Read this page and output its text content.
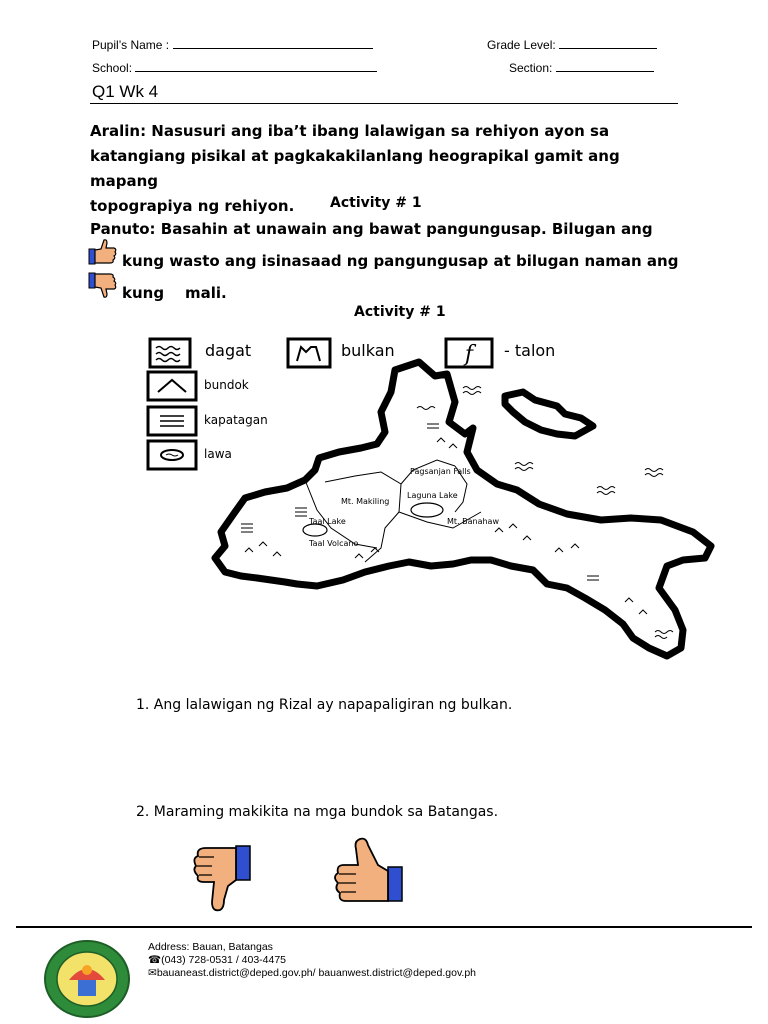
Pupil’s Name :	Grade Level:
School:	Section:
Q1 Wk 4
Aralin: Nasusuri ang iba’t ibang lalawigan sa rehiyon ayon sa
katangiang pisikal at pagkakakilanlang heograpikal gamit ang mapang
topograpiya ng rehiyon.	Activity # 1
Panuto: Basahin at unawain ang bawat pangungusap. Bilugan ang
kung wasto ang isinasaad ng pangungusap at bilugan naman ang
kung    mali.
Activity # 1
dagat	bulkan	f - talon
bundok
kapatagan
lawa
Pagsanjan Falls
Laguna Lake
Mt. Makiling
Mt. Banahaw
Taal Lake
Taal Volcano
1. Ang lalawigan ng Rizal ay napapaligiran ng bulkan.
2. Maraming makikita na mga bundok sa Batangas.
Address: Bauan, Batangas
☎(043) 728-0531 / 403-4475
✉bauaneast.district@deped.gov.ph/ bauanwest.district@deped.gov.ph
